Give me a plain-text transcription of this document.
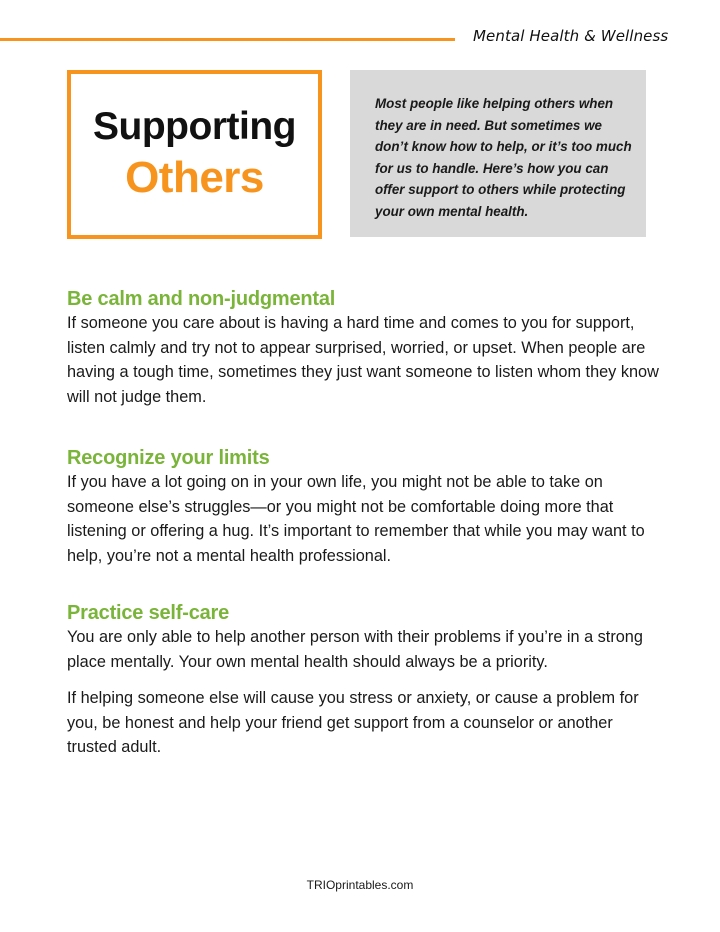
Mental Health & Wellness
Supporting
Others

Most people like helping others when they are in need. But sometimes we don’t know how to help, or it’s too much for us to handle. Here’s how you can offer support to others while protecting your own mental health.

Be calm and non-judgmental

If someone you care about is having a hard time and comes to you for support, listen calmly and try not to appear surprised, worried, or upset. When people are having a tough time, sometimes they just want someone to listen whom they know will not judge them.

Recognize your limits

If you have a lot going on in your own life, you might not be able to take on someone else’s struggles—or you might not be comfortable doing more that listening or offering a hug. It’s important to remember that while you may want to help, you’re not a mental health professional.

Practice self-care

You are only able to help another person with their problems if you’re in a strong place mentally. Your own mental health should always be a priority.

If helping someone else will cause you stress or anxiety, or cause a problem for you, be honest and help your friend get support from a counselor or another trusted adult.

TRIOprintables.com
